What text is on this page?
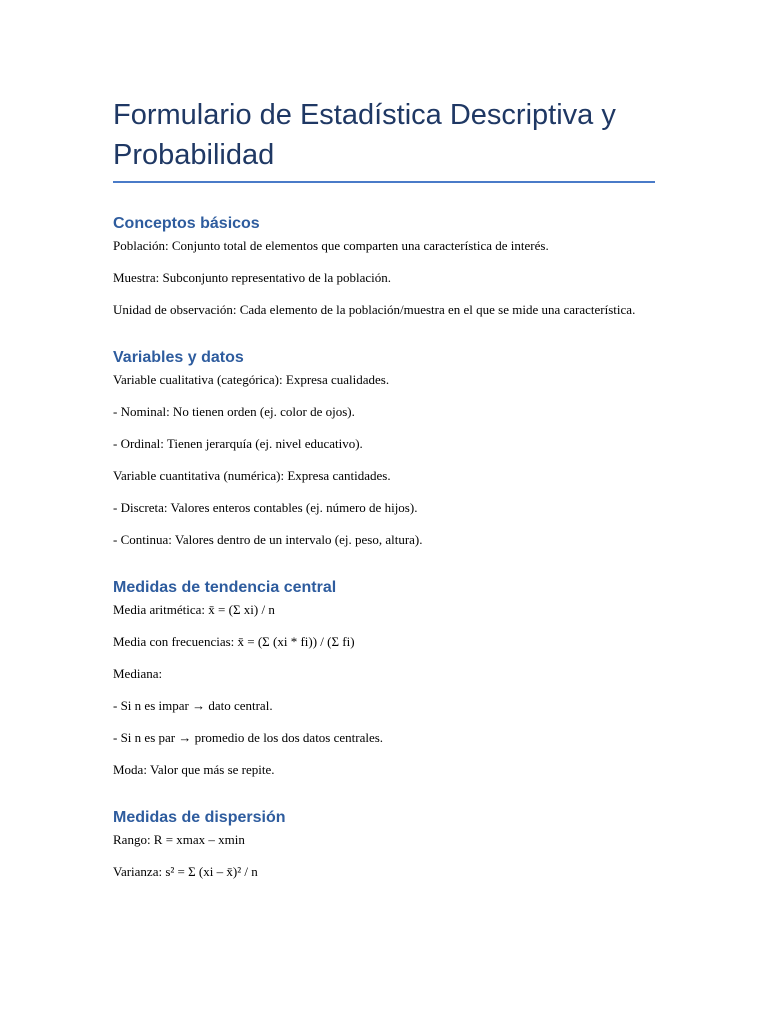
Formulario de Estadística Descriptiva y Probabilidad
Conceptos básicos

Población: Conjunto total de elementos que comparten una característica de interés.

Muestra: Subconjunto representativo de la población.

Unidad de observación: Cada elemento de la población/muestra en el que se mide una característica.

Variables y datos

Variable cualitativa (categórica): Expresa cualidades.

- Nominal: No tienen orden (ej. color de ojos).

- Ordinal: Tienen jerarquía (ej. nivel educativo).

Variable cuantitativa (numérica): Expresa cantidades.

- Discreta: Valores enteros contables (ej. número de hijos).

- Continua: Valores dentro de un intervalo (ej. peso, altura).

Medidas de tendencia central

Media aritmética: x̄ = (Σ xi) / n

Media con frecuencias: x̄ = (Σ (xi * fi)) / (Σ fi)

Mediana:

- Si n es impar → dato central.

- Si n es par → promedio de los dos datos centrales.

Moda: Valor que más se repite.

Medidas de dispersión

Rango: R = xmax – xmin

Varianza: s² = Σ (xi – x̄)² / n
